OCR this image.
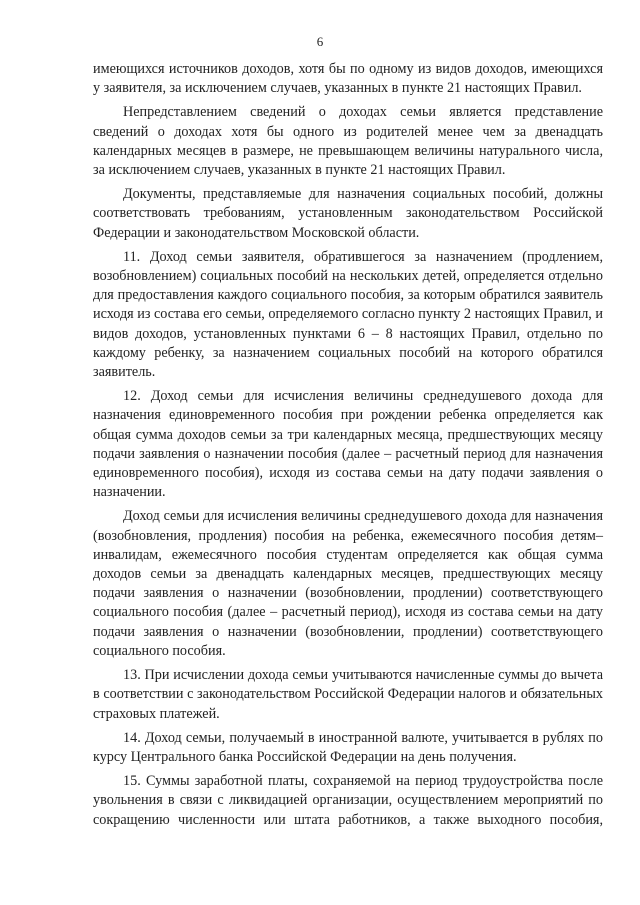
6

имеющихся источников доходов, хотя бы по одному из видов доходов, имеющихся у заявителя, за исключением случаев, указанных в пункте 21 настоящих Правил.

Непредставлением сведений о доходах семьи является представление сведений о доходах хотя бы одного из родителей менее чем за двенадцать календарных месяцев в размере, не превышающем величины натурального числа, за исключением случаев, указанных в пункте 21 настоящих Правил.

Документы, представляемые для назначения социальных пособий, должны соответствовать требованиям, установленным законодательством Российской Федерации и законодательством Московской области.

11. Доход семьи заявителя, обратившегося за назначением (продлением, возобновлением) социальных пособий на нескольких детей, определяется отдельно для предоставления каждого социального пособия, за которым обратился заявитель исходя из состава его семьи, определяемого согласно пункту 2 настоящих Правил, и видов доходов, установленных пунктами 6 – 8 настоящих Правил, отдельно по каждому ребенку, за назначением социальных пособий на которого обратился заявитель.

12. Доход семьи для исчисления величины среднедушевого дохода для назначения единовременного пособия при рождении ребенка определяется как общая сумма доходов семьи за три календарных месяца, предшествующих месяцу подачи заявления о назначении пособия (далее – расчетный период для назначения единовременного пособия), исходя из состава семьи на дату подачи заявления о назначении.

Доход семьи для исчисления величины среднедушевого дохода для назначения (возобновления, продления) пособия на ребенка, ежемесячного пособия детям–инвалидам, ежемесячного пособия студентам определяется как общая сумма доходов семьи за двенадцать календарных месяцев, предшествующих месяцу подачи заявления о назначении (возобновлении, продлении) соответствующего социального пособия (далее – расчетный период), исходя из состава семьи на дату подачи заявления о назначении (возобновлении, продлении) соответствующего социального пособия.

13. При исчислении дохода семьи учитываются начисленные суммы до вычета в соответствии с законодательством Российской Федерации налогов и обязательных страховых платежей.

14. Доход семьи, получаемый в иностранной валюте, учитывается в рублях по курсу Центрального банка Российской Федерации на день получения.

15. Суммы заработной платы, сохраняемой на период трудоустройства после увольнения в связи с ликвидацией организации, осуществлением мероприятий по сокращению численности или штата работников, а также выходного пособия,
